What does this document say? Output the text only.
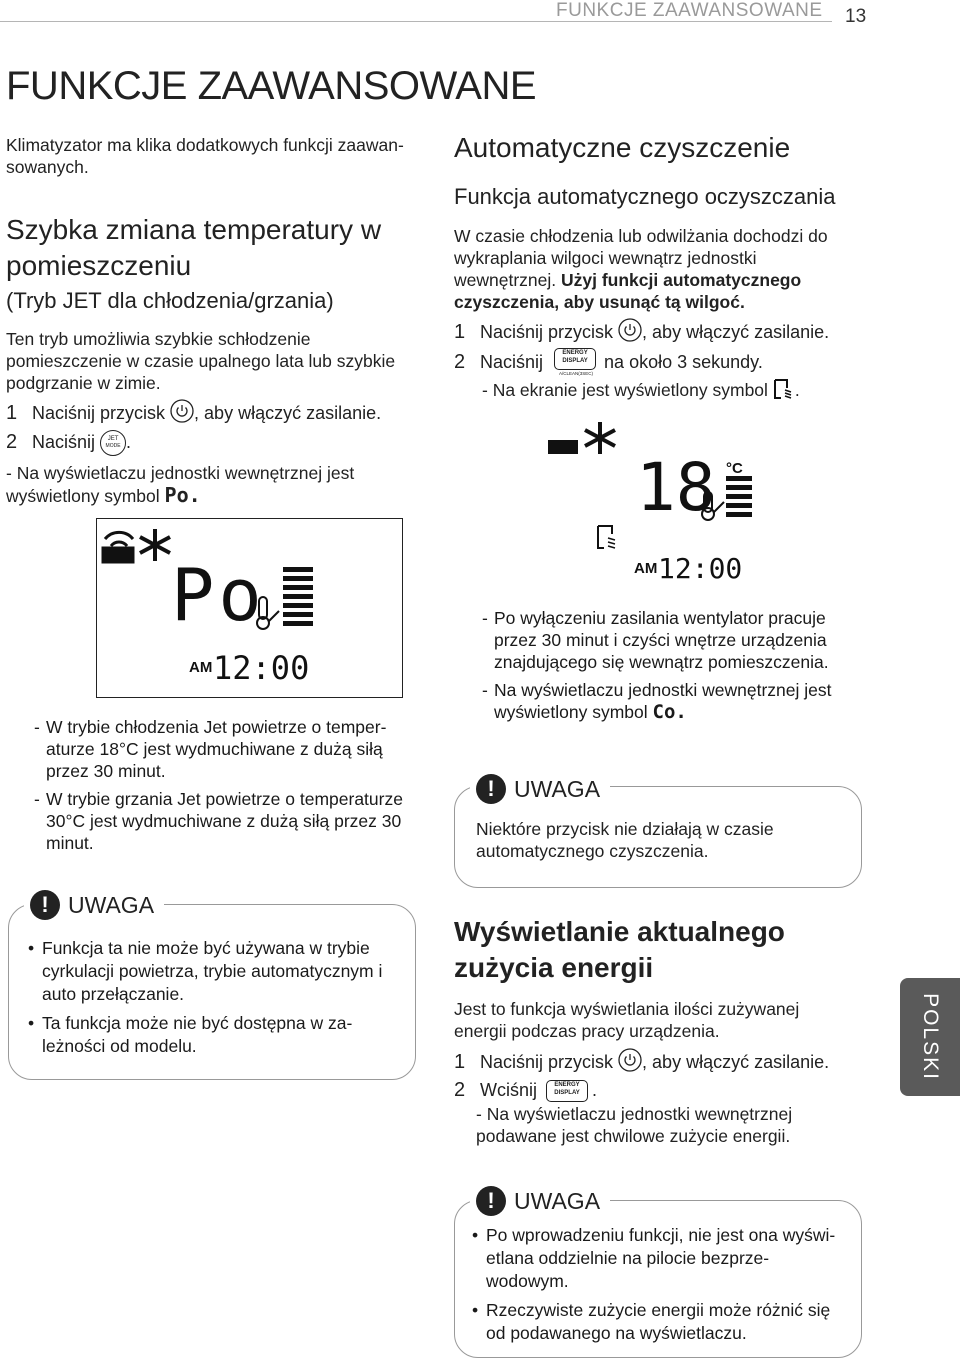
FUNKCJE ZAAWANSOWANE 13
FUNKCJE ZAAWANSOWANE
Klimatyzator ma klika dodatkowych funkcji zaawan-sowanych.
Szybka zmiana temperatury w pomieszczeniu
(Tryb JET dla chłodzenia/grzania)
Ten tryb umożliwia szybkie schłodzenie pomieszczenie w czasie upalnego lata lub szybkie podgrzanie w zimie.
1 Naciśnij przycisk , aby włączyć zasilanie.
2 Naciśnij	JET
MODE .
- Na wyświetlaczu jednostki wewnętrznej jest wyświetlony symbol Po.
Po
AM 12:00
- W trybie chłodzenia Jet powietrze o temper-aturze 18°C jest wydmuchiwane z dużą siłą przez 30 minut.
- W trybie grzania Jet powietrze o temperaturze 30°C jest wydmuchiwane z dużą siłą przez 30 minut.
! UWAGA
• Funkcja ta nie może być używana w trybie cyrkulacji powietrza, trybie automatycznym i auto przełączanie.
• Ta funkcja może nie być dostępna w za-leżności od modelu.
Automatyczne czyszczenie
Funkcja automatycznego oczyszczania
W czasie chłodzenia lub odwilżania dochodzi do wykraplania wilgoci wewnątrz jednostki wewnętrznej. Użyj funkcji automatycznego czyszczenia, aby usunąć tą wilgoć.
1 Naciśnij przycisk , aby włączyć zasilanie.
2 Naciśnij	ENERGY
DISPLAY
A/CLEAN(3SEC)
na około 3 sekundy.
- Na ekranie jest wyświetlony symbol .
18 °C
AM 12:00
- Po wyłączeniu zasilania wentylator pracuje przez 30 minut i czyści wnętrze urządzenia znajdującego się wewnątrz pomieszczenia.
- Na wyświetlaczu jednostki wewnętrznej jest wyświetlony symbol Co.
! UWAGA
Niektóre przycisk nie działają w czasie automatycznego czyszczenia.
Wyświetlanie aktualnego zużycia energii
Jest to funkcja wyświetlania ilości zużywanej energii podczas pracy urządzenia.
1 Naciśnij przycisk , aby włączyć zasilanie.
2 Wciśnij	ENERGY
DISPLAY .
- Na wyświetlaczu jednostki wewnętrznej podawane jest chwilowe zużycie energii.
! UWAGA
• Po wprowadzeniu funkcji, nie jest ona wyświ-etlana oddzielnie na pilocie bezprze-wodowym.
• Rzeczywiste zużycie energii może różnić się od podawanego na wyświetlaczu.
POLSKI
